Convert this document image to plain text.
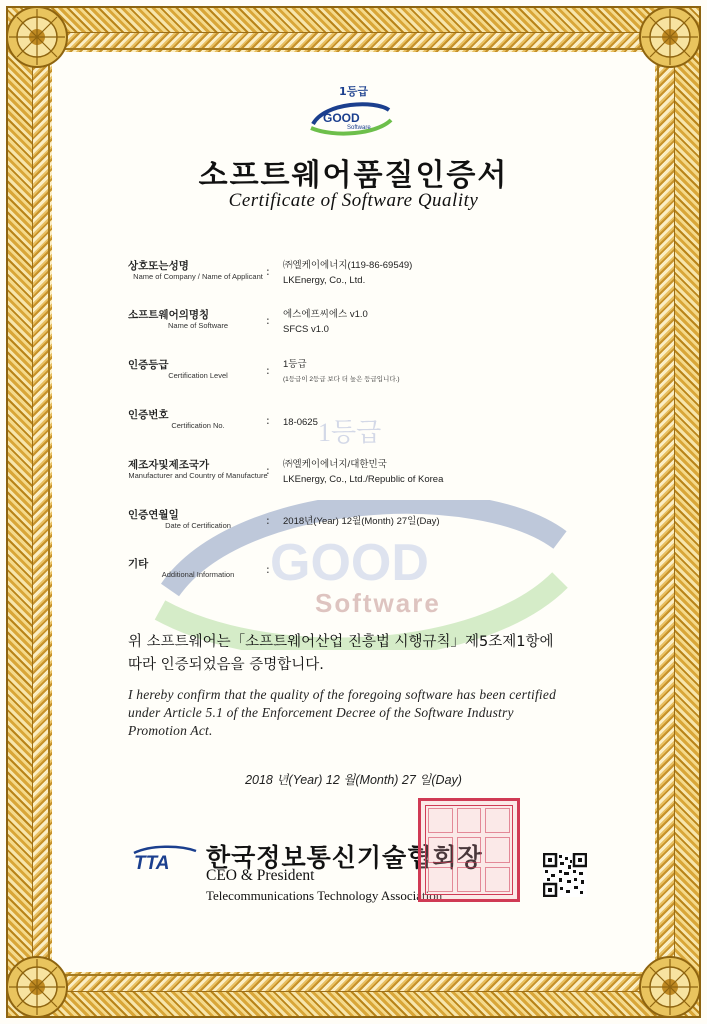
1등급
GOOD
Software
소프트웨어품질인증서
Certificate of Software Quality
1등급
GOOD
Software
상호또는성명
Name of Company / Name of Applicant : ㈜엘케이에너지(119-86-69549)
LKEnergy, Co., Ltd.
소프트웨어의명칭
Name of Software	: 에스에프씨에스 v1.0
SFCS v1.0
인증등급
Certification Level	: 1등급
(1등급이 2등급 보다 더 높은 등급입니다.)
인증번호
Certification No.	: 18-0625
제조자및제조국가
Manufacturer and Country of Manufacture
: ㈜엘케이에너지/대한민국
LKEnergy, Co., Ltd./Republic of Korea
인증연월일
Date of Certification	: 2018년(Year) 12월(Month) 27일(Day)
기타
Additional Information	:
위 소프트웨어는「소프트웨어산업 진흥법 시행규칙」제5조제1항에
따라 인증되었음을 증명합니다.
I hereby confirm that the quality of the foregoing software has been certified
under Article 5.1 of the Enforcement Decree of the Software Industry
Promotion Act.
2018 년(Year) 12 월(Month) 27 일(Day)
TTA 한국정보통신기술협회장
CEO & President
Telecommunications Technology Association
